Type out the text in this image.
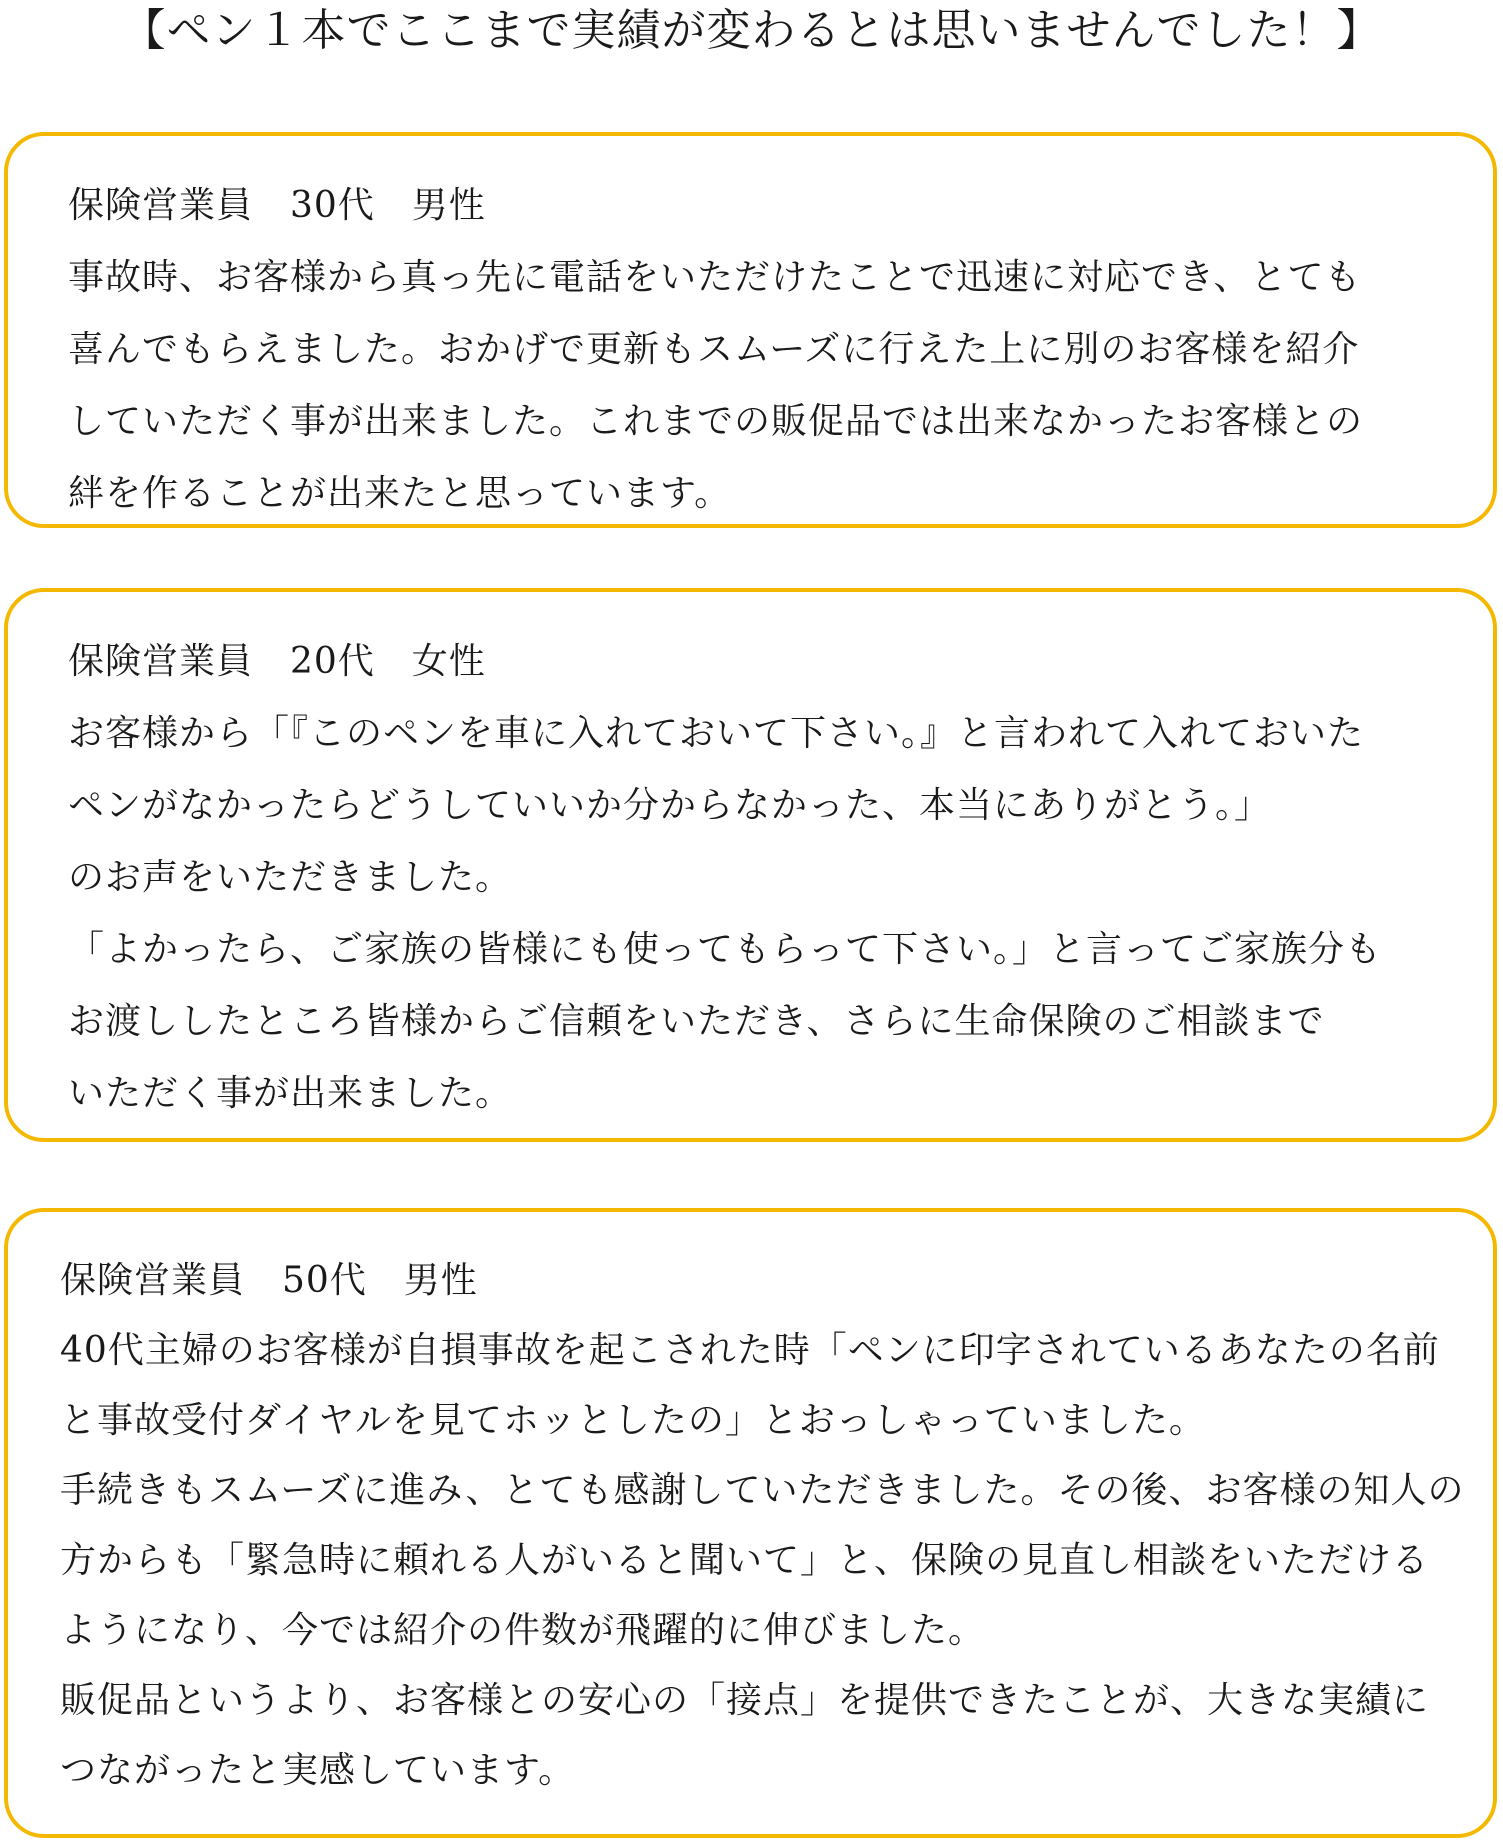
【ペン１本でここまで実績が変わるとは思いませんでした！】
保険営業員　30代　男性
事故時、お客様から真っ先に電話をいただけたことで迅速に対応でき、とても
喜んでもらえました。おかげで更新もスムーズに行えた上に別のお客様を紹介
していただく事が出来ました。これまでの販促品では出来なかったお客様との
絆を作ることが出来たと思っています。
保険営業員　20代　女性
お客様から「『このペンを車に入れておいて下さい。』と言われて入れておいた
ペンがなかったらどうしていいか分からなかった、本当にありがとう。」
のお声をいただきました。
「よかったら、ご家族の皆様にも使ってもらって下さい。」と言ってご家族分も
お渡ししたところ皆様からご信頼をいただき、さらに生命保険のご相談まで
いただく事が出来ました。
保険営業員　50代　男性
40代主婦のお客様が自損事故を起こされた時「ペンに印字されているあなたの名前
と事故受付ダイヤルを見てホッとしたの」とおっしゃっていました。
手続きもスムーズに進み、とても感謝していただきました。その後、お客様の知人の
方からも「緊急時に頼れる人がいると聞いて」と、保険の見直し相談をいただける
ようになり、今では紹介の件数が飛躍的に伸びました。
販促品というより、お客様との安心の「接点」を提供できたことが、大きな実績に
つながったと実感しています。
